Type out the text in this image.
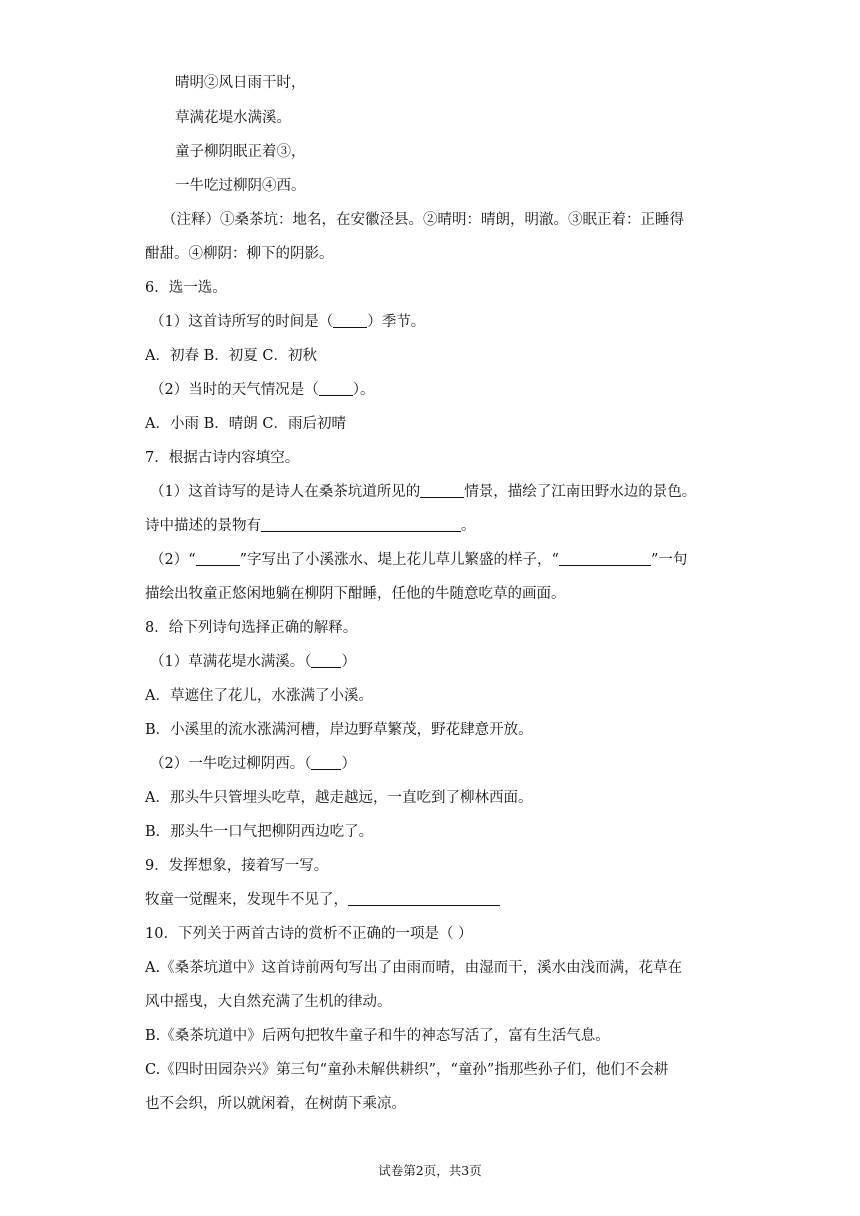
晴明②风日雨干时，
草满花堤水满溪。
童子柳阴眠正着③，
一牛吃过柳阴④西。
（注释）①桑茶坑：地名，在安徽泾县。②晴明：晴朗，明澈。③眠正着：正睡得
酣甜。④柳阴：柳下的阴影。
6．选一选。
（1）这首诗所写的时间是（ ）季节。
A．初春 B．初夏 C．初秋
（2）当时的天气情况是（ ）。
A．小雨 B．晴朗 C．雨后初晴
7．根据古诗内容填空。
（1）这首诗写的是诗人在桑茶坑道所见的	情景，描绘了江南田野水边的景色。
诗中描述的景物有	。
（2）“	”字写出了小溪涨水、堤上花儿草儿繁盛的样子，“	”一句
描绘出牧童正悠闲地躺在柳阴下酣睡，任他的牛随意吃草的画面。
8．给下列诗句选择正确的解释。
（1）草满花堤水满溪。（ ）
A．草遮住了花儿，水涨满了小溪。
B．小溪里的流水涨满河槽，岸边野草繁茂，野花肆意开放。
（2）一牛吃过柳阴西。（ ）
A．那头牛只管埋头吃草，越走越远，一直吃到了柳林西面。
B．那头牛一口气把柳阴西边吃了。
9．发挥想象，接着写一写。
牧童一觉醒来，发现牛不见了，
10．下列关于两首古诗的赏析不正确的一项是（ ）
A.《桑茶坑道中》这首诗前两句写出了由雨而晴，由湿而干，溪水由浅而满，花草在
风中摇曳，大自然充满了生机的律动。
B.《桑茶坑道中》后两句把牧牛童子和牛的神态写活了，富有生活气息。
C.《四时田园杂兴》第三句“童孙未解供耕织”，“童孙”指那些孙子们，他们不会耕
也不会织，所以就闲着，在树荫下乘凉。
试卷第2页，共3页
